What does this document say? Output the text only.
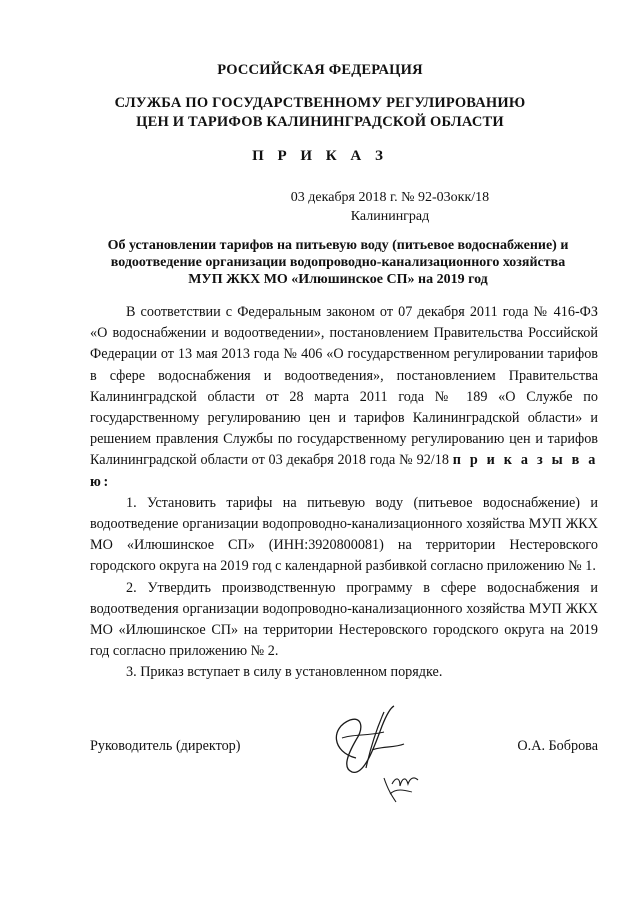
РОССИЙСКАЯ ФЕДЕРАЦИЯ
СЛУЖБА ПО ГОСУДАРСТВЕННОМУ РЕГУЛИРОВАНИЮ
ЦЕН И ТАРИФОВ КАЛИНИНГРАДСКОЙ ОБЛАСТИ
П Р И К А З
03 декабря 2018 г. № 92-03окк/18
Калининград
Об установлении тарифов на питьевую воду (питьевое водоснабжение) и
водоотведение организации водопроводно-канализационного хозяйства
МУП ЖКХ МО «Илюшинское СП» на 2019 год

В соответствии с Федеральным законом от 07 декабря 2011 года № 416-ФЗ «О водоснабжении и водоотведении», постановлением Правительства Российской Федерации от 13 мая 2013 года № 406 «О государственном регулировании тарифов в сфере водоснабжения и водоотведения», постановлением Правительства Калининградской области от 28 марта 2011 года № 189 «О Службе по государственному регулированию цен и тарифов Калининградской области» и решением правления Службы по государственному регулированию цен и тарифов Калининградской области от 03 декабря 2018 года № 92/18 п р и к а з ы в а ю:

1. Установить тарифы на питьевую воду (питьевое водоснабжение) и водоотведение организации водопроводно-канализационного хозяйства МУП ЖКХ МО «Илюшинское СП» (ИНН:3920800081) на территории Нестеровского городского округа на 2019 год с календарной разбивкой согласно приложению № 1.

2. Утвердить производственную программу в сфере водоснабжения и водоотведения организации водопроводно-канализационного хозяйства МУП ЖКХ МО «Илюшинское СП» на территории Нестеровского городского округа на 2019 год согласно приложению № 2.

3. Приказ вступает в силу в установленном порядке.

Руководитель (директор)	О.А. Боброва
